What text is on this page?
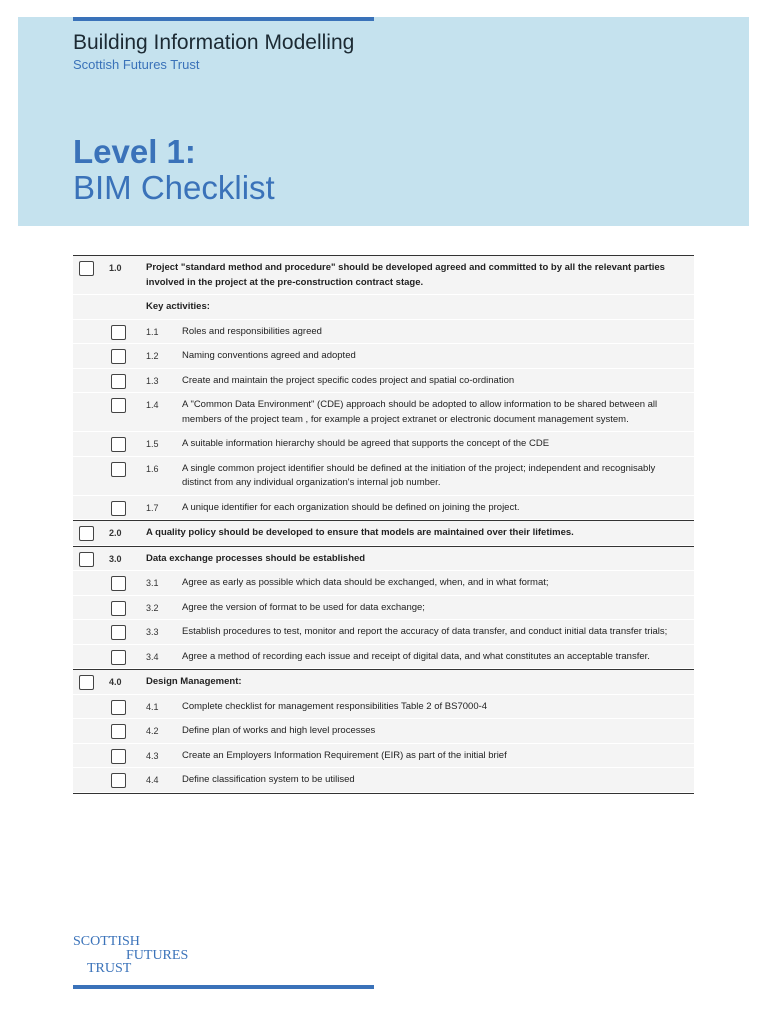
Building Information Modelling
Scottish Futures Trust
Level 1:
BIM Checklist
1.0	Project "standard method and procedure" should be developed agreed and committed to by all the relevant parties involved in the project at the pre-construction contract stage.
Key activities:
1.1 Roles and responsibilities agreed
1.2 Naming conventions agreed and adopted
1.3 Create and maintain the project specific codes project and spatial co-ordination
1.4 A "Common Data Environment" (CDE) approach should be adopted to allow information to be shared between all members of the project team , for example a project extranet or electronic document management system.
1.5 A suitable information hierarchy should be agreed that supports the concept of the CDE
1.6 A single common project identifier should be defined at the initiation of the project; independent and recognisably distinct from any individual organization's internal job number.
1.7 A unique identifier for each organization should be defined on joining the project.
2.0	A quality policy should be developed to ensure that models are maintained over their lifetimes.
3.0	Data exchange processes should be established
3.1 Agree as early as possible which data should be exchanged, when, and in what format;
3.2 Agree the version of format to be used for data exchange;
3.3 Establish procedures to test, monitor and report the accuracy of data transfer, and conduct initial data transfer trials;
3.4 Agree a method of recording each issue and receipt of digital data, and what constitutes an acceptable transfer.
4.0	Design Management:
4.1 Complete checklist for management responsibilities Table 2 of BS7000-4
4.2 Define plan of works and high level processes
4.3 Create an Employers Information Requirement (EIR) as part of the initial brief
4.4 Define classification system to be utilised
SCOTTISH
FUTURES
TRUST
